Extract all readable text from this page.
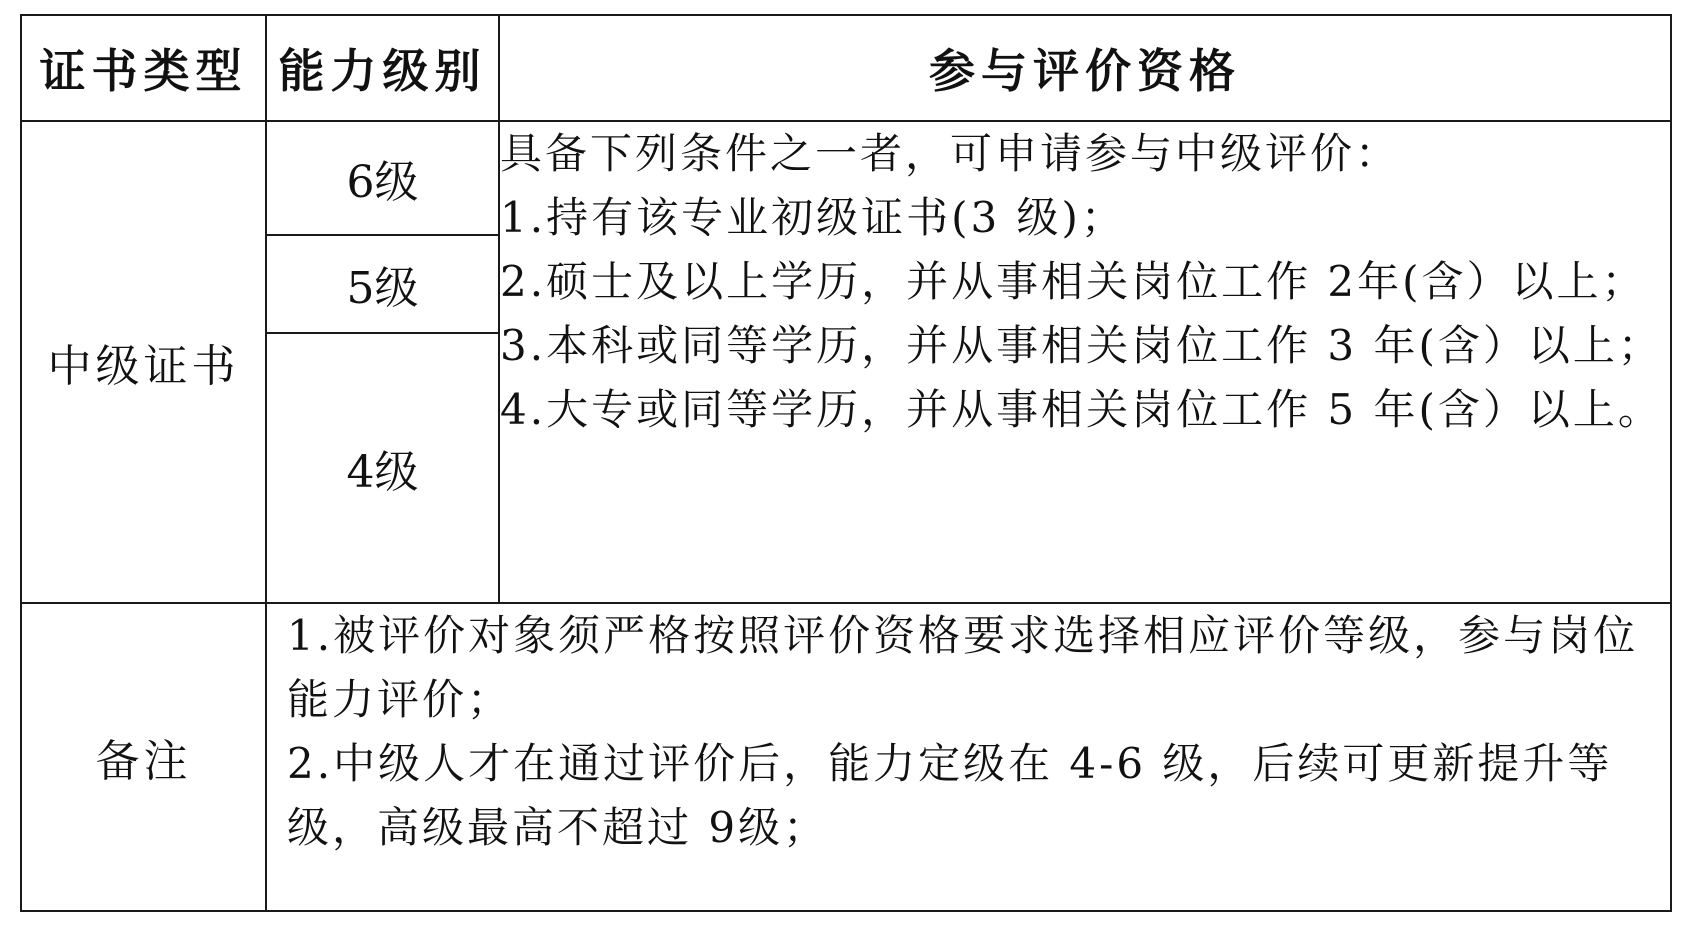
证书类型	能力级别	参与评价资格
中级证书	6级	具备下列条件之一者，可申请参与中级评价：
1.持有该专业初级证书(3 级)；
2.硕士及以上学历，并从事相关岗位工作 2年(含）以上；
3.本科或同等学历，并从事相关岗位工作 3 年(含）以上；
4.大专或同等学历，并从事相关岗位工作 5 年(含）以上。

	5级	
	4级	
备注	1.被评价对象须严格按照评价资格要求选择相应评价等级，参与岗位能力评价；
2.中级人才在通过评价后，能力定级在 4-6 级，后续可更新提升等级，高级最高不超过 9级；	
